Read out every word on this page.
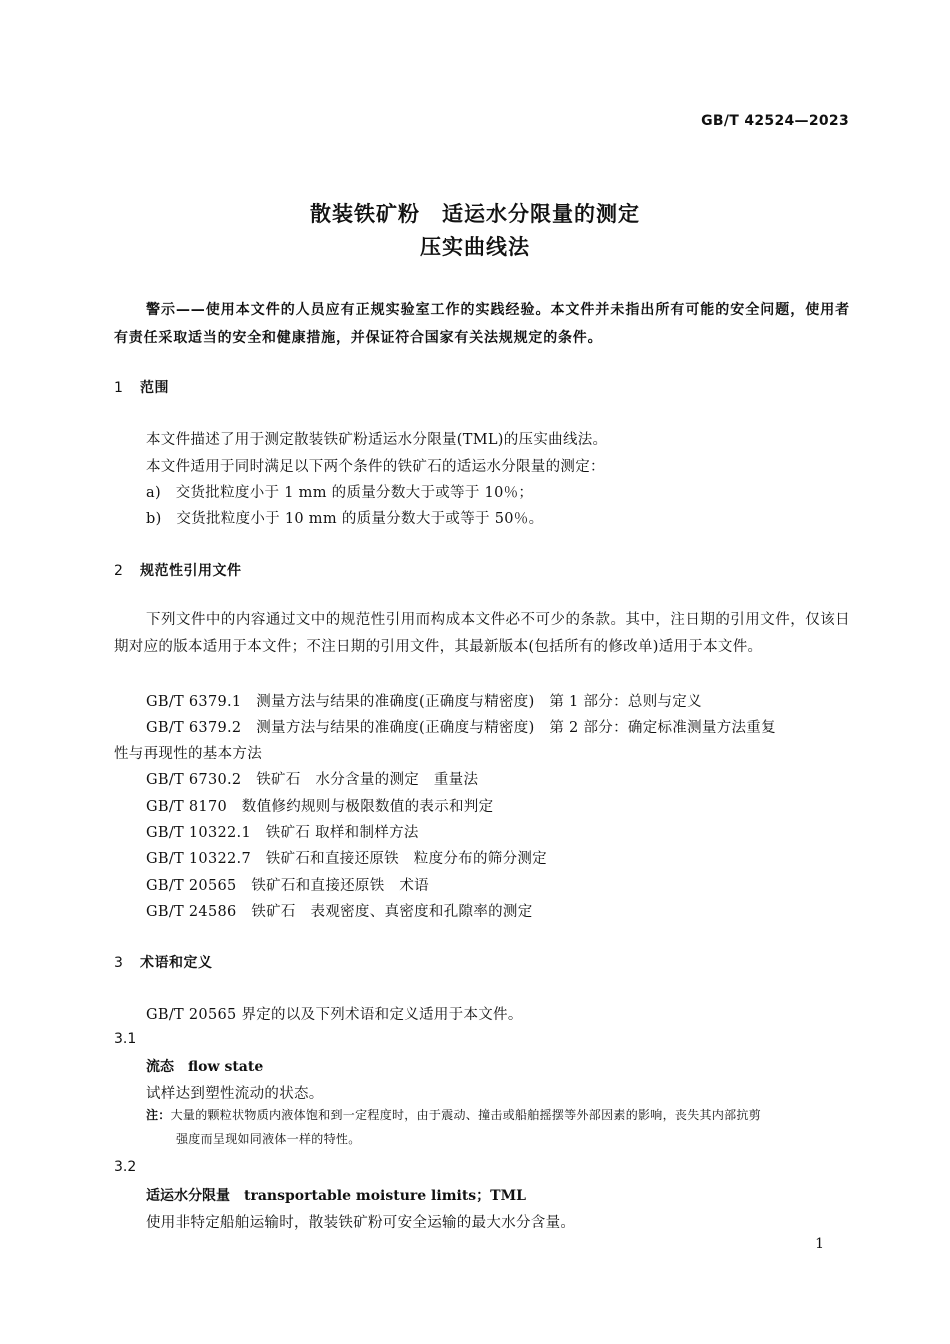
GB/T 42524—2023
散装铁矿粉　适运水分限量的测定
压实曲线法
警示——使用本文件的人员应有正规实验室工作的实践经验。本文件并未指出所有可能的安全问题，使用者有责任采取适当的安全和健康措施，并保证符合国家有关法规规定的条件。
1 范围
本文件描述了用于测定散装铁矿粉适运水分限量(TML)的压实曲线法。
本文件适用于同时满足以下两个条件的铁矿石的适运水分限量的测定：
a)　交货批粒度小于 1 mm 的质量分数大于或等于 10％；
b)　交货批粒度小于 10 mm 的质量分数大于或等于 50％。
2 规范性引用文件
下列文件中的内容通过文中的规范性引用而构成本文件必不可少的条款。其中，注日期的引用文件，仅该日期对应的版本适用于本文件；不注日期的引用文件，其最新版本(包括所有的修改单)适用于本文件。
GB/T 6379.1　测量方法与结果的准确度(正确度与精密度)　第 1 部分：总则与定义
GB/T 6379.2　测量方法与结果的准确度(正确度与精密度)　第 2 部分：确定标准测量方法重复
性与再现性的基本方法
GB/T 6730.2　铁矿石　水分含量的测定　重量法
GB/T 8170　数值修约规则与极限数值的表示和判定
GB/T 10322.1　铁矿石 取样和制样方法
GB/T 10322.7　铁矿石和直接还原铁　粒度分布的筛分测定
GB/T 20565　铁矿石和直接还原铁　术语
GB/T 24586　铁矿石　表观密度、真密度和孔隙率的测定
3 术语和定义
GB/T 20565 界定的以及下列术语和定义适用于本文件。
3.1
流态 flow state
试样达到塑性流动的状态。
注：大量的颗粒状物质内液体饱和到一定程度时，由于震动、撞击或船舶摇摆等外部因素的影响，丧失其内部抗剪
强度而呈现如同液体一样的特性。
3.2
适运水分限量 transportable moisture limits；TML
使用非特定船舶运输时，散装铁矿粉可安全运输的最大水分含量。
1
